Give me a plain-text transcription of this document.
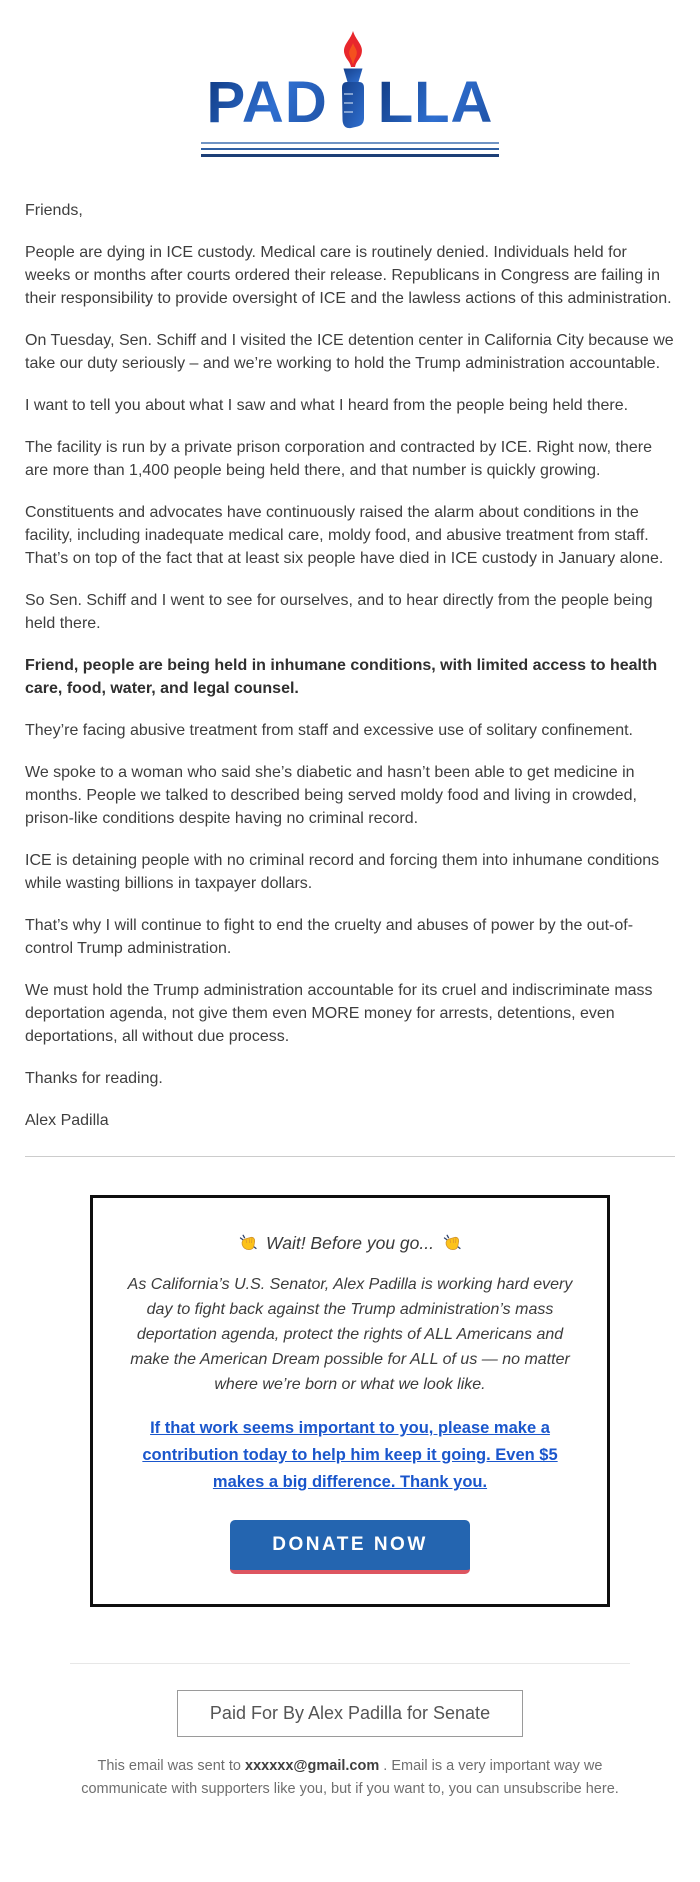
PAD LLA

Friends,

People are dying in ICE custody. Medical care is routinely denied. Individuals held for weeks or months after courts ordered their release. Republicans in Congress are failing in their responsibility to provide oversight of ICE and the lawless actions of this administration.

On Tuesday, Sen. Schiff and I visited the ICE detention center in California City because we take our duty seriously – and we’re working to hold the Trump administration accountable.

I want to tell you about what I saw and what I heard from the people being held there.

The facility is run by a private prison corporation and contracted by ICE. Right now, there are more than 1,400 people being held there, and that number is quickly growing.

Constituents and advocates have continuously raised the alarm about conditions in the facility, including inadequate medical care, moldy food, and abusive treatment from staff. That’s on top of the fact that at least six people have died in ICE custody in January alone.

So Sen. Schiff and I went to see for ourselves, and to hear directly from the people being held there.

Friend, people are being held in inhumane conditions, with limited access to health care, food, water, and legal counsel.

They’re facing abusive treatment from staff and excessive use of solitary confinement.

We spoke to a woman who said she’s diabetic and hasn’t been able to get medicine in months. People we talked to described being served moldy food and living in crowded, prison-like conditions despite having no criminal record.

ICE is detaining people with no criminal record and forcing them into inhumane conditions while wasting billions in taxpayer dollars.

That’s why I will continue to fight to end the cruelty and abuses of power by the out-of-control Trump administration.

We must hold the Trump administration accountable for its cruel and indiscriminate mass deportation agenda, not give them even MORE money for arrests, detentions, even deportations, all without due process.

Thanks for reading.

Alex Padilla

Wait! Before you go...

As California’s U.S. Senator, Alex Padilla is working hard every day to fight back against the Trump administration’s mass deportation agenda, protect the rights of ALL Americans and make the American Dream possible for ALL of us — no matter where we’re born or what we look like.

If that work seems important to you, please make a contribution today to help him keep it going. Even $5 makes a big difference. Thank you.
DONATE NOW
Paid For By Alex Padilla for Senate
This email was sent to xxxxxx@gmail.com . Email is a very important way we communicate with supporters like you, but if you want to, you can unsubscribe here.
